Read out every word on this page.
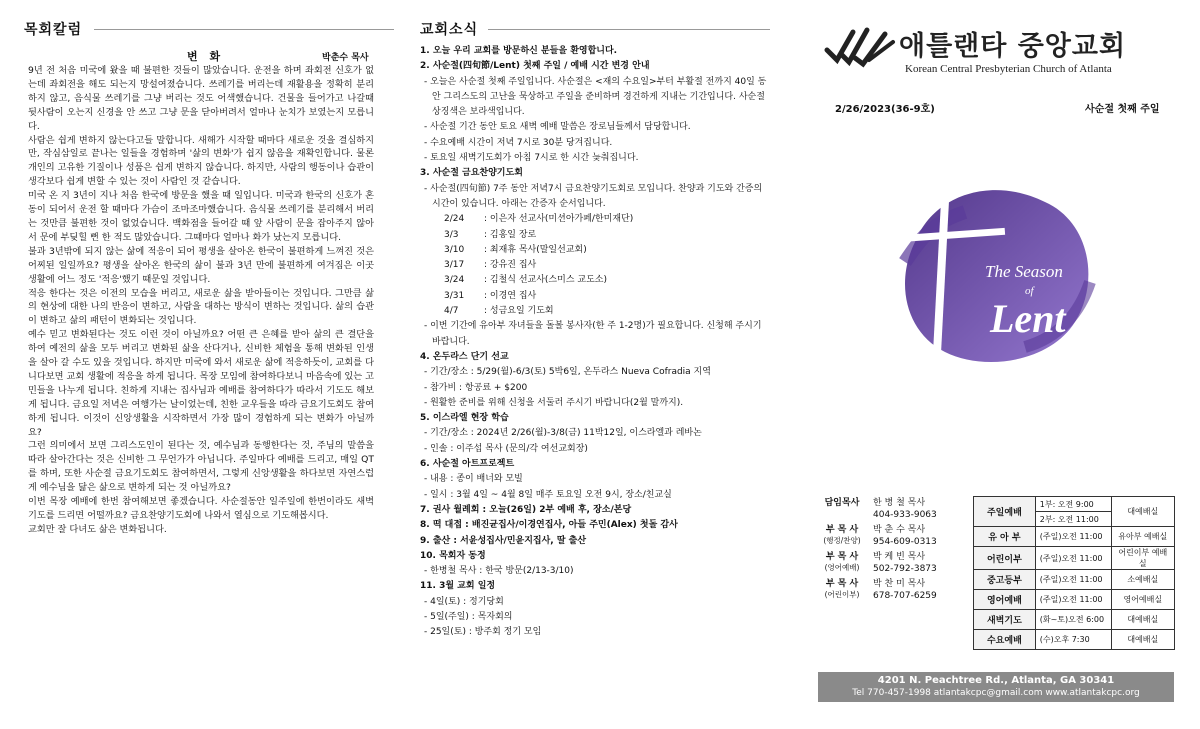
목회칼럼
변 화	박춘수 목사

9년 전 처음 미국에 왔을 때 불편한 것들이 많았습니다. 운전을 하며 좌회전 신호가 없는데 좌회전을 해도 되는지 망설여졌습니다. 쓰레기를 버리는데 재활용을 정확히 분리하지 않고, 음식물 쓰레기를 그냥 버리는 것도 어색했습니다. 건물을 들어가고 나갈때 뒷사람이 오는지 신경을 안 쓰고 그냥 문을 닫아버려서 얼마나 눈치가 보였는지 모릅니다.

사람은 쉽게 변하지 않는다고들 말합니다. 새해가 시작할 때마다 새로운 것을 결심하지만, 작심삼일로 끝나는 일들을 경험하며 '삶의 변화'가 쉽지 않음을 재확인합니다. 물론 개인의 고유한 기질이나 성품은 쉽게 변하지 않습니다. 하지만, 사람의 행동이나 습관이 생각보다 쉽게 변할 수 있는 것이 사람인 것 같습니다.

미국 온 지 3년이 지나 처음 한국에 방문을 했을 때 일입니다. 미국과 한국의 신호가 혼동이 되어서 운전 할 때마다 가슴이 조마조마했습니다. 음식물 쓰레기를 분리해서 버리는 것만큼 불편한 것이 없었습니다. 백화점을 들어갈 때 앞 사람이 문을 잡아주지 않아서 문에 부딪힐 뻔 한 적도 많았습니다. 그때마다 얼마나 화가 났는지 모릅니다.

불과 3년밖에 되지 않는 삶에 적응이 되어 평생을 살아온 한국이 불편하게 느껴진 것은 어찌된 일일까요? 평생을 살아온 한국의 삶이 불과 3년 만에 불편하게 여겨짐은 이곳 생활에 어느 정도 '적응'했기 때문일 것입니다.

적응 한다는 것은 이전의 모습을 버리고, 새로운 삶을 받아들이는 것입니다. 그만큼 삶의 현상에 대한 나의 반응이 변하고, 사람을 대하는 방식이 변하는 것입니다. 삶의 습관이 변하고 삶의 패턴이 변화되는 것입니다.

예수 믿고 변화된다는 것도 이런 것이 아닐까요? 어떤 큰 은혜를 받아 삶의 큰 결단을 하여 예전의 삶을 모두 버리고 변화된 삶을 산다거나, 신비한 체험을 통해 변화된 인생을 살아 갈 수도 있을 것입니다. 하지만 미국에 와서 새로운 삶에 적응하듯이, 교회를 다니다보면 교회 생활에 적응을 하게 됩니다. 목장 모임에 참여하다보니 마음속에 있는 고민들을 나누게 됩니다. 친하게 지내는 집사님과 예배를 참여하다가 따라서 기도도 해보게 됩니다. 금요일 저녁은 여행가는 날이었는데, 친한 교우들을 따라 금요기도회도 참여하게 됩니다. 이것이 신앙생활을 시작하면서 가장 많이 경험하게 되는 변화가 아닐까요?

그런 의미에서 보면 그리스도인이 된다는 것, 예수님과 동행한다는 것, 주님의 말씀을 따라 살아간다는 것은 신비한 그 무언가가 아닙니다. 주일마다 예배를 드리고, 매일 QT를 하며, 또한 사순절 금요기도회도 참여하면서, 그렇게 신앙생활을 하다보면 자연스럽게 예수님을 닮은 삶으로 변하게 되는 것 아닐까요?

이번 목장 예배에 한번 참여해보면 좋겠습니다. 사순절동안 일주일에 한번이라도 새벽기도를 드리면 어떨까요? 금요찬양기도회에 나와서 열심으로 기도해봅시다.

교회만 잘 다녀도 삶은 변화됩니다.

교회소식
1. 오늘 우리 교회를 방문하신 분들을 환영합니다.
2. 사순절(四旬節/Lent) 첫째 주일 / 예배 시간 변경 안내
- 오늘은 사순절 첫째 주일입니다. 사순절은 <재의 수요일>부터 부활절 전까지 40일 동안 그리스도의 고난을 묵상하고 주일을 준비하며 경건하게 지내는 기간입니다. 사순절 상징색은 보라색입니다.
- 사순절 기간 동안 토요 새벽 예배 말씀은 장로님들께서 담당합니다.
- 수요예배 시간이 저녁 7시로 30분 당겨집니다.
- 토요일 새벽기도회가 아침 7시로 한 시간 늦춰집니다.
3. 사순절 금요찬양기도회
- 사순절(四旬節) 7주 동안 저녁7시 금요찬양기도회로 모입니다. 찬양과 기도와 간증의 시간이 있습니다. 아래는 간증자 순서입니다.
2/24 : 이은자 선교사(미션아가페/한미재단)
3/3	: 김홍일 장로
3/10 : 최재휴 목사(말일선교회)
3/17 : 강유진 집사
3/24 : 김철식 선교사(스미스 교도소)
3/31 : 이경연 집사
4/7	: 성금요일 기도회
- 이번 기간에 유아부 자녀들을 돌볼 봉사자(한 주 1-2명)가 필요합니다. 신청해 주시기 바랍니다.
4. 온두라스 단기 선교
- 기간/장소 : 5/29(월)-6/3(토) 5박6일, 온두라스 Nueva Cofradia 지역
- 참가비 : 항공료 + $200
- 원활한 준비를 위해 신청을 서둘러 주시기 바랍니다(2월 말까지).
5. 이스라엘 현장 학습
- 기간/장소 : 2024년 2/26(월)-3/8(금) 11박12일, 이스라엘과 레바논
- 인솔 : 이주섭 목사 (문의/각 여선교회장)
6. 사순절 아트프로젝트
- 내용 : 종이 배너와 모빌
- 일시 : 3월 4일 ~ 4월 8일 매주 토요일 오전 9시, 장소/친교실
7. 권사 월례회 : 오늘(26일) 2부 예배 후, 장소/본당
8. 떡 대접 : 배진균집사/이경연집사, 아들 주민(Alex) 첫돌 감사
9. 출산 : 서윤성집사/민윤지집사, 딸 출산
10. 목회자 동정
- 한병철 목사 : 한국 방문(2/13-3/10)
11. 3월 교회 일정
- 4일(토) : 정기당회
- 5일(주일) : 목자회의
- 25일(토) : 방주회 정기 모임
애틀랜타 중앙교회
Korean Central Presbyterian Church of Atlanta
2/26/2023(36-9호)	사순절 첫째 주일
The Season
of
Lent
담임목사	한 병 철 목사
404-933-9063
부 목 사
(행정/찬양)
박 춘 수 목사
954-609-0313
부 목 사
(영어예배)
박 케 빈 목사
502-792-3873
부 목 사
(어린이부)
박 찬 미 목사
678-707-6259
주일예배	1부: 오전 9:00	대예배실
	2부: 오전 11:00	
유 아 부	(주일)오전 11:00	유아부 예배실
어린이부	(주일)오전 11:00	어린이부 예배실
중고등부	(주일)오전 11:00	소예배실
영어예배	(주일)오전 11:00	영어예배실
새벽기도	(화~토)오전 6:00	대예배실
수요예배	(수)오후 7:30	대예배실
4201 N. Peachtree Rd., Atlanta, GA 30341
Tel 770-457-1998 atlantakcpc@gmail.com www.atlantakcpc.org
